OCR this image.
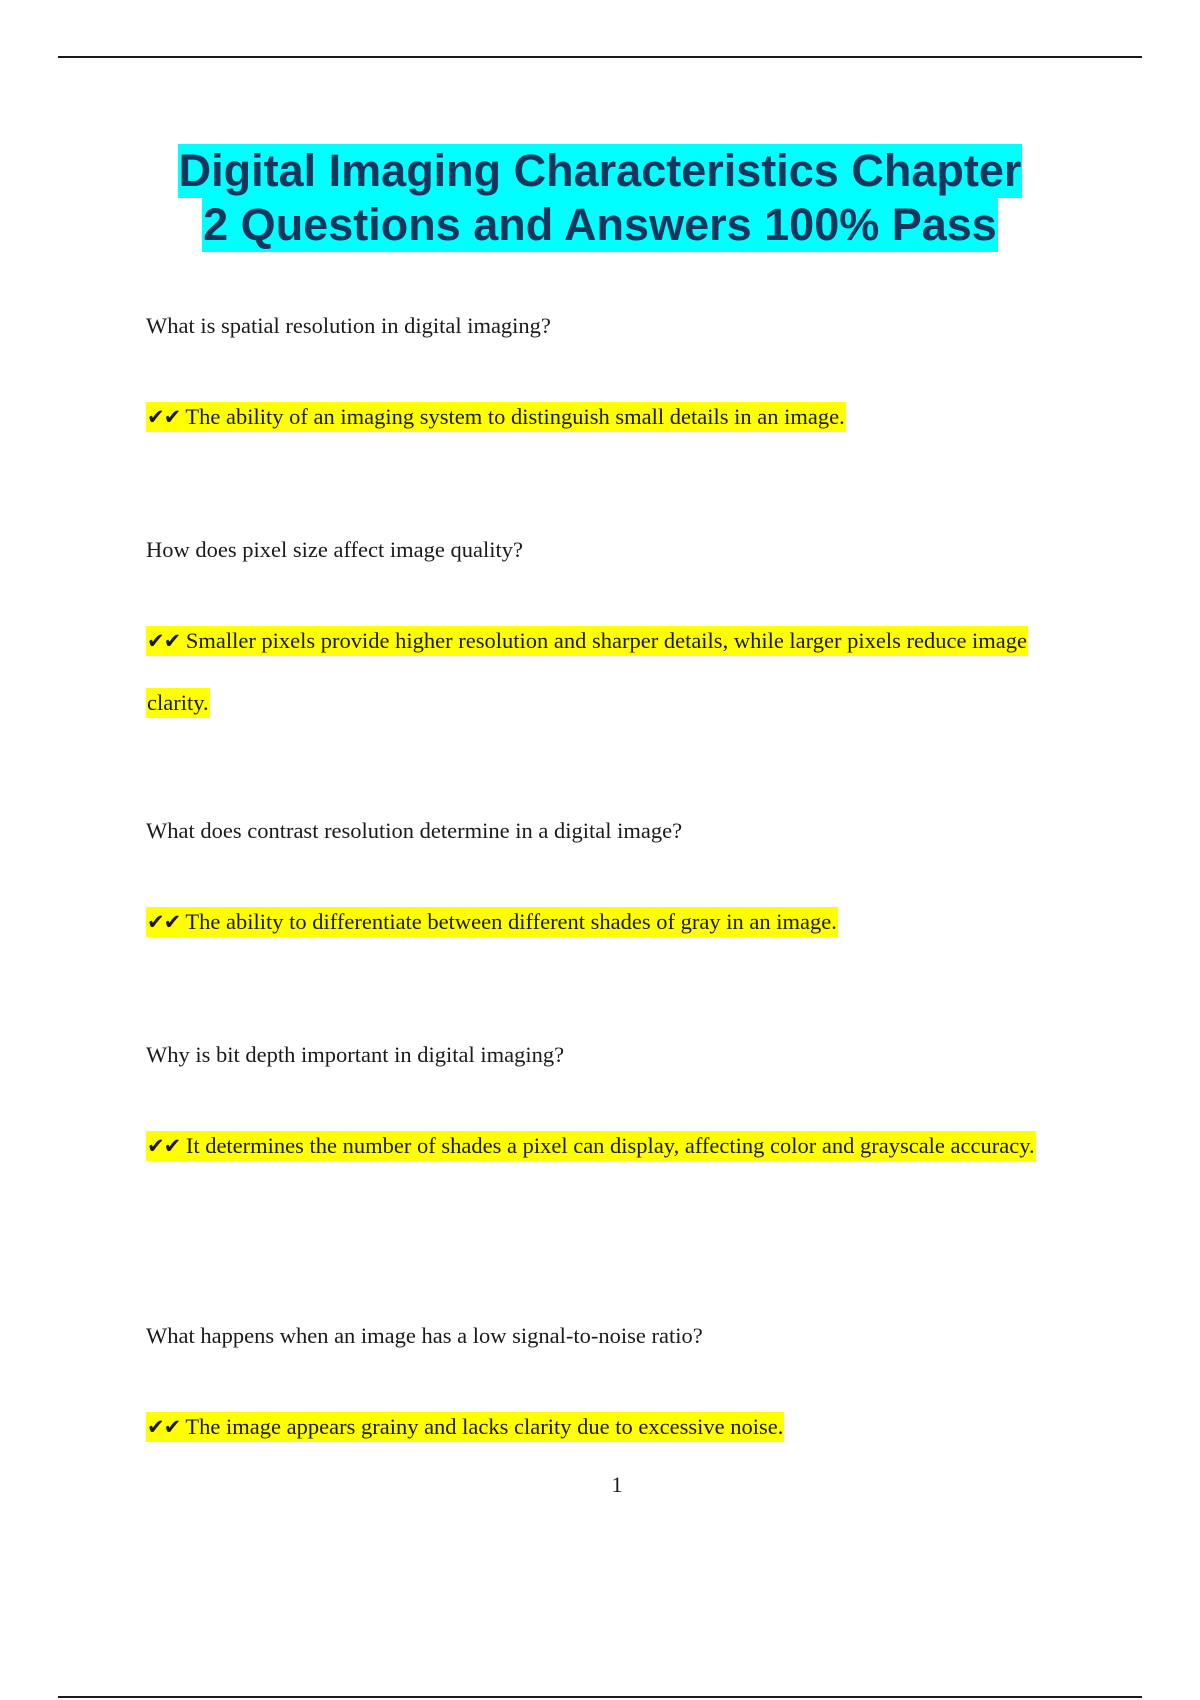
Digital Imaging Characteristics Chapter
2 Questions and Answers 100% Pass

What is spatial resolution in digital imaging?

✔✔ The ability of an imaging system to distinguish small details in an image.

How does pixel size affect image quality?

✔✔ Smaller pixels provide higher resolution and sharper details, while larger pixels reduce image clarity.

What does contrast resolution determine in a digital image?

✔✔ The ability to differentiate between different shades of gray in an image.

Why is bit depth important in digital imaging?

✔✔ It determines the number of shades a pixel can display, affecting color and grayscale accuracy.

What happens when an image has a low signal-to-noise ratio?

✔✔ The image appears grainy and lacks clarity due to excessive noise.

1
